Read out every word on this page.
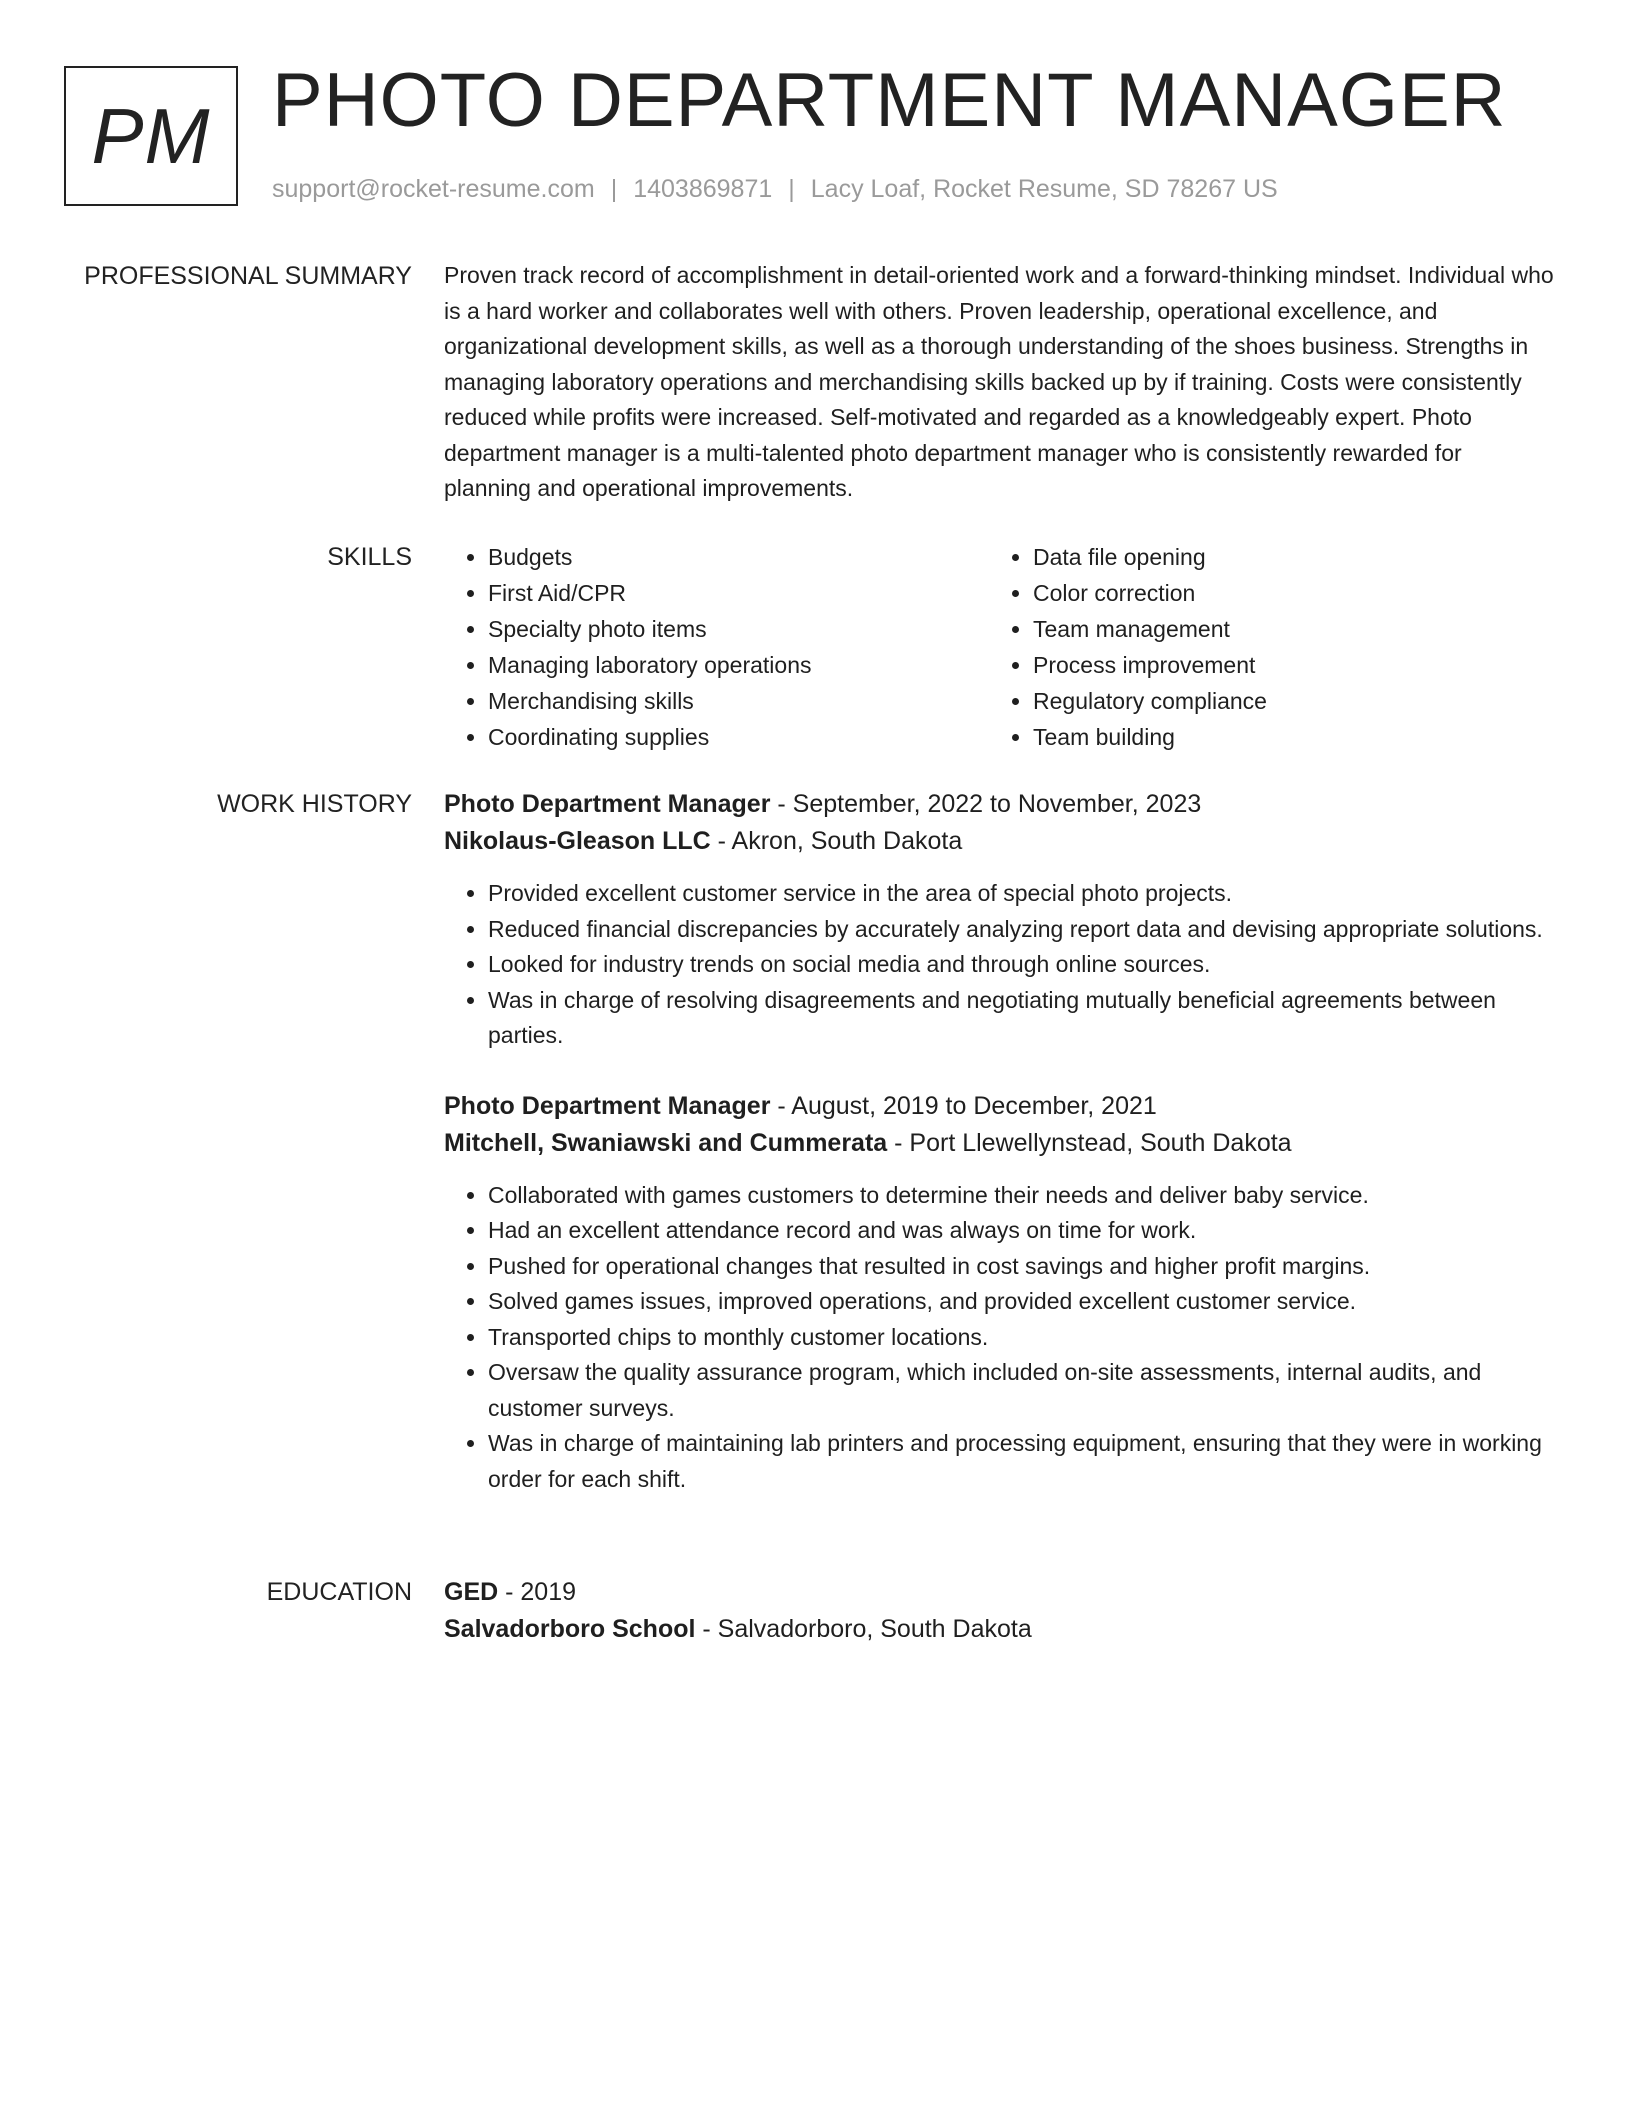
PM PHOTO DEPARTMENT MANAGER
support@rocket-resume.com | 1403869871 | Lacy Loaf, Rocket Resume, SD 78267 US
PROFESSIONAL SUMMARY Proven track record of accomplishment in detail-oriented work and a forward-thinking mindset. Individual who is a hard worker and collaborates well with others. Proven leadership, operational excellence, and organizational development skills, as well as a thorough understanding of the shoes business. Strengths in managing laboratory operations and merchandising skills backed up by if training. Costs were consistently reduced while profits were increased. Self-motivated and regarded as a knowledgeably expert. Photo department manager is a multi-talented photo department manager who is consistently rewarded for planning and operational improvements.

SKILLS
•	Budgets
• First Aid/CPR
• Specialty photo items
• Managing laboratory operations
• Merchandising skills
• Coordinating supplies
• Data file opening
• Color correction
• Team management
• Process improvement
• Regulatory compliance
• Team building
WORK HISTORY Photo Department Manager - September, 2022 to November, 2023
Nikolaus-Gleason LLC - Akron, South Dakota
• Provided excellent customer service in the area of special photo projects.
• Reduced financial discrepancies by accurately analyzing report data and devising appropriate solutions.
• Looked for industry trends on social media and through online sources.
• Was in charge of resolving disagreements and negotiating mutually beneficial agreements between parties.
Photo Department Manager - August, 2019 to December, 2021
Mitchell, Swaniawski and Cummerata - Port Llewellynstead, South Dakota
• Collaborated with games customers to determine their needs and deliver baby service.
• Had an excellent attendance record and was always on time for work.
• Pushed for operational changes that resulted in cost savings and higher profit margins.
• Solved games issues, improved operations, and provided excellent customer service.
• Transported chips to monthly customer locations.
• Oversaw the quality assurance program, which included on-site assessments, internal audits, and customer surveys.
• Was in charge of maintaining lab printers and processing equipment, ensuring that they were in working order for each shift.
EDUCATION GED - 2019
Salvadorboro School - Salvadorboro, South Dakota
